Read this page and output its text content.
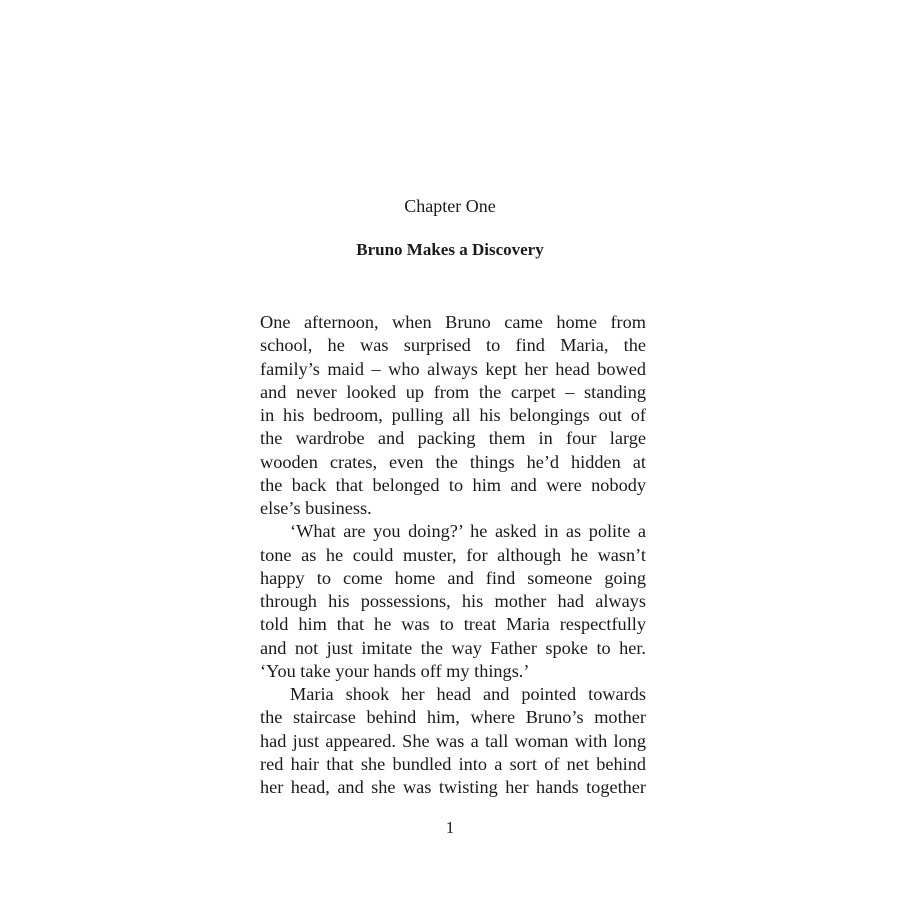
Chapter One
Bruno Makes a Discovery
One afternoon, when Bruno came home from
school, he was surprised to find Maria, the
family’s maid – who always kept her head bowed
and never looked up from the carpet – standing
in his bedroom, pulling all his belongings out of
the wardrobe and packing them in four large
wooden crates, even the things he’d hidden at
the back that belonged to him and were nobody
else’s business.
‘What are you doing?’ he asked in as polite a
tone as he could muster, for although he wasn’t
happy to come home and find someone going
through his possessions, his mother had always
told him that he was to treat Maria respectfully
and not just imitate the way Father spoke to her.
‘You take your hands off my things.’
Maria shook her head and pointed towards
the staircase behind him, where Bruno’s mother
had just appeared. She was a tall woman with long
red hair that she bundled into a sort of net behind
her head, and she was twisting her hands together
1
